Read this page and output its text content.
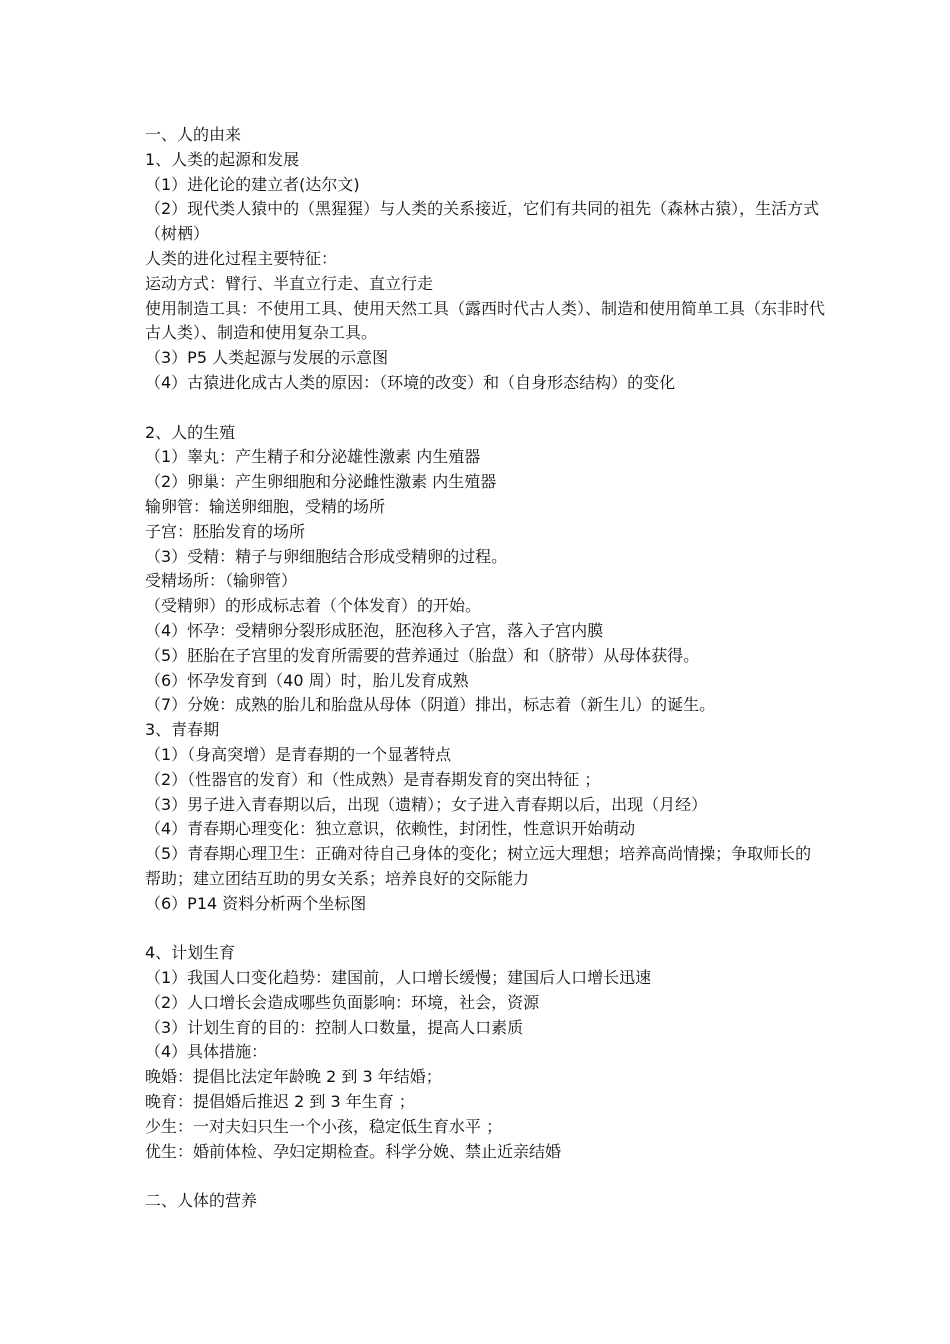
一、人的由来

1、人类的起源和发展

（1）进化论的建立者(达尔文)

（2）现代类人猿中的（黑猩猩）与人类的关系接近，它们有共同的祖先（森林古猿），生活方式（树栖）

人类的进化过程主要特征：

运动方式：臂行、半直立行走、直立行走

使用制造工具：不使用工具、使用天然工具（露西时代古人类）、制造和使用简单工具（东非时代古人类）、制造和使用复杂工具。

（3）P5 人类起源与发展的示意图

（4）古猿进化成古人类的原因：（环境的改变）和（自身形态结构）的变化

2、人的生殖

（1）睾丸：产生精子和分泌雄性激素 内生殖器

（2）卵巢：产生卵细胞和分泌雌性激素 内生殖器

输卵管：输送卵细胞，受精的场所

子宫：胚胎发育的场所

（3）受精：精子与卵细胞结合形成受精卵的过程。

受精场所：（输卵管）

（受精卵）的形成标志着（个体发育）的开始。

（4）怀孕：受精卵分裂形成胚泡，胚泡移入子宫，落入子宫内膜

（5）胚胎在子宫里的发育所需要的营养通过（胎盘）和（脐带）从母体获得。

（6）怀孕发育到（40 周）时，胎儿发育成熟

（7）分娩：成熟的胎儿和胎盘从母体（阴道）排出，标志着（新生儿）的诞生。

3、青春期

（1）（身高突增）是青春期的一个显著特点

（2）（性器官的发育）和（性成熟）是青春期发育的突出特征 ；

（3）男子进入青春期以后，出现（遗精）；女子进入青春期以后，出现（月经）

（4）青春期心理变化：独立意识，依赖性，封闭性，性意识开始萌动

（5）青春期心理卫生：正确对待自己身体的变化；树立远大理想；培养高尚情操；争取师长的帮助；建立团结互助的男女关系；培养良好的交际能力

（6）P14 资料分析两个坐标图

4、计划生育

（1）我国人口变化趋势：建国前，人口增长缓慢；建国后人口增长迅速

（2）人口增长会造成哪些负面影响：环境，社会，资源

（3）计划生育的目的：控制人口数量，提高人口素质

（4）具体措施：

晚婚：提倡比法定年龄晚 2 到 3 年结婚；

晚育：提倡婚后推迟 2 到 3 年生育 ；

少生：一对夫妇只生一个小孩，稳定低生育水平 ；

优生：婚前体检、孕妇定期检查。科学分娩、禁止近亲结婚

二、人体的营养
